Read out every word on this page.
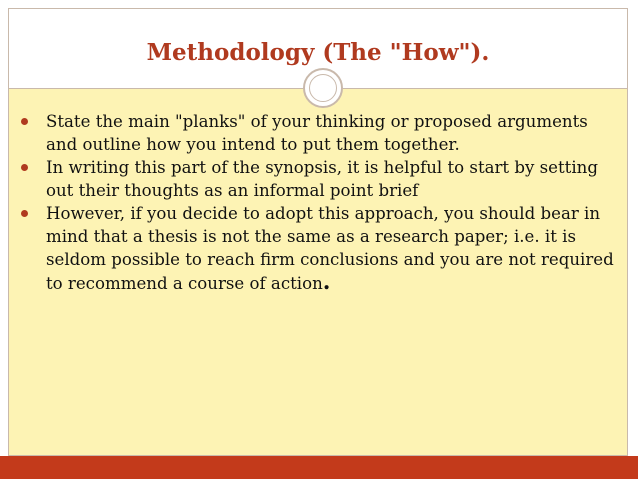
Methodology (The "How").
State the main "planks" of your thinking or proposed arguments and outline how you intend to put them together.
In writing this part of the synopsis, it is helpful to start by setting out their thoughts as an informal point brief
However, if you decide to adopt this approach, you should bear in mind that a thesis is not the same as a research paper; i.e. it is seldom possible to reach firm conclusions and you are not required to recommend a course of action.
